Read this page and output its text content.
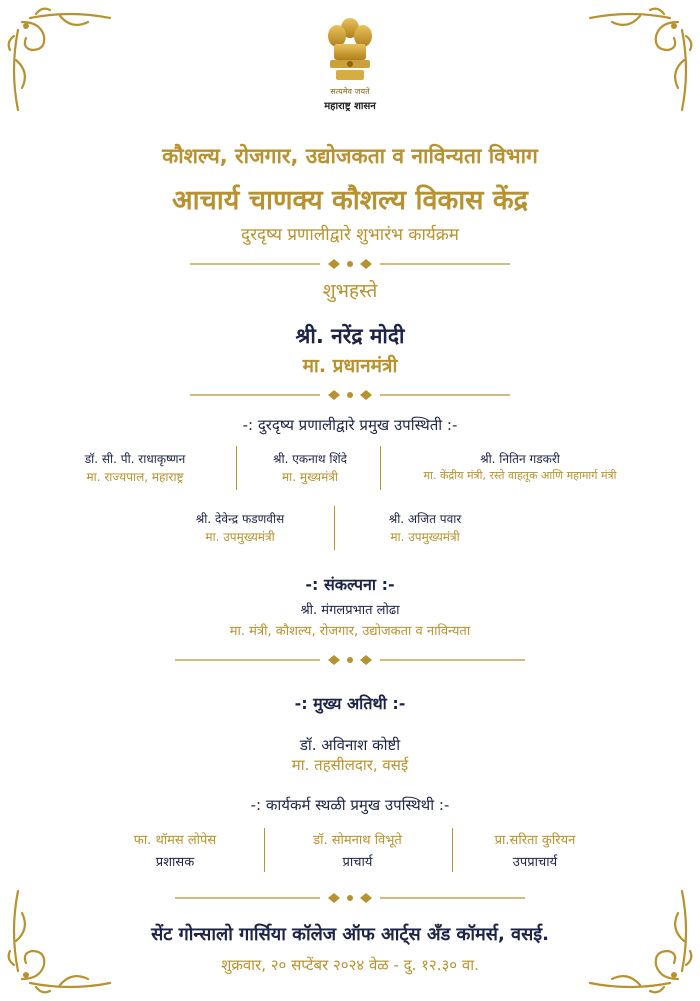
सत्यमेव जयते
महाराष्ट्र शासन
कौशल्य, रोजगार, उद्योजकता व नाविन्यता विभाग
आचार्य चाणक्य कौशल्य विकास केंद्र
दुरदृष्य प्रणालीद्वारे शुभारंभ कार्यक्रम
शुभहस्ते
श्री. नरेंद्र मोदी
मा. प्रधानमंत्री
-: दुरदृष्य प्रणालीद्वारे प्रमुख उपस्थिती :-
डॉ. सी. पी. राधाकृष्णन
मा. राज्यपाल, महाराष्ट्र
श्री. एकनाथ शिंदे
मा. मुख्यमंत्री
श्री. नितिन गडकरी
मा. केंद्रीय मंत्री, रस्ते वाहतूक आणि महामार्ग मंत्री
श्री. देवेन्द्र फडणवीस
मा. उपमुख्यमंत्री
श्री. अजित पवार
मा. उपमुख्यमंत्री
-: संकल्पना :-
श्री. मंगलप्रभात लोढा
मा. मंत्री, कौशल्य, रोजगार, उद्योजकता व नाविन्यता
-: मुख्य अतिथी :-
डॉ. अविनाश कोष्टी
मा. तहसीलदार, वसई
-: कार्यकर्म स्थळी प्रमुख उपस्थिथी :-
फा. थॉमस लोपेस
प्रशासक
डॉ. सोमनाथ विभूते
प्राचार्य
प्रा.सरिता कुरियन
उपप्राचार्य
सेंट गोन्सालो गार्सिया कॉलेज ऑफ आर्ट्स अँड कॉमर्स, वसई.
शुक्रवार, २० सप्टेंबर २०२४ वेळ - दु. १२.३० वा.
